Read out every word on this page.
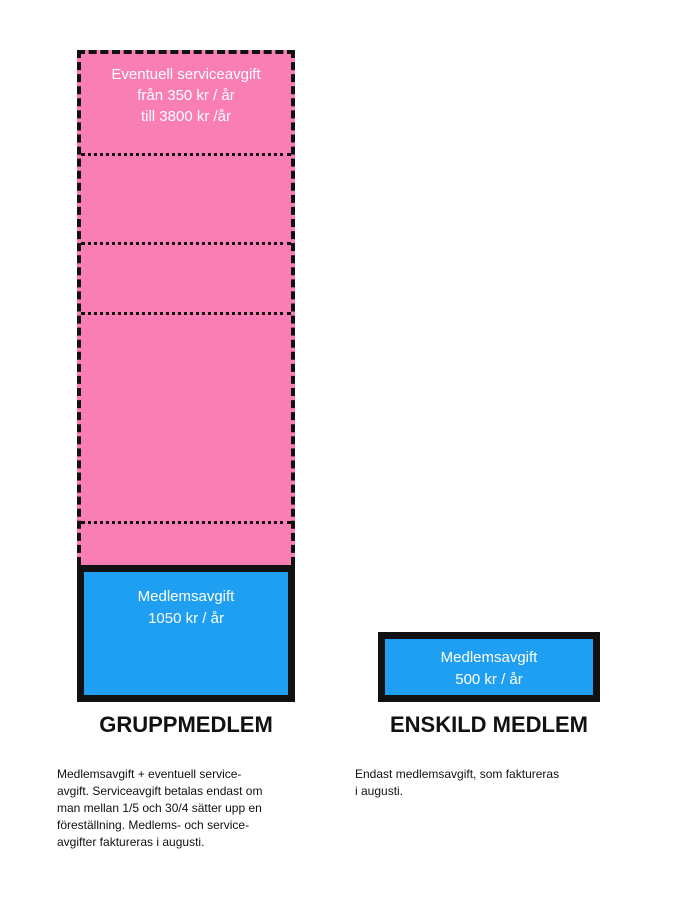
Eventuell serviceavgift
från 350 kr / år
till 3800 kr /år
Medlemsavgift
1050 kr / år
GRUPPMEDLEM
Medlemsavgift + eventuell service-
avgift. Serviceavgift betalas endast om
man mellan 1/5 och 30/4 sätter upp en
föreställning. Medlems- och service-
avgifter faktureras i augusti.
Medlemsavgift
500 kr / år
ENSKILD MEDLEM
Endast medlemsavgift, som faktureras
i augusti.
